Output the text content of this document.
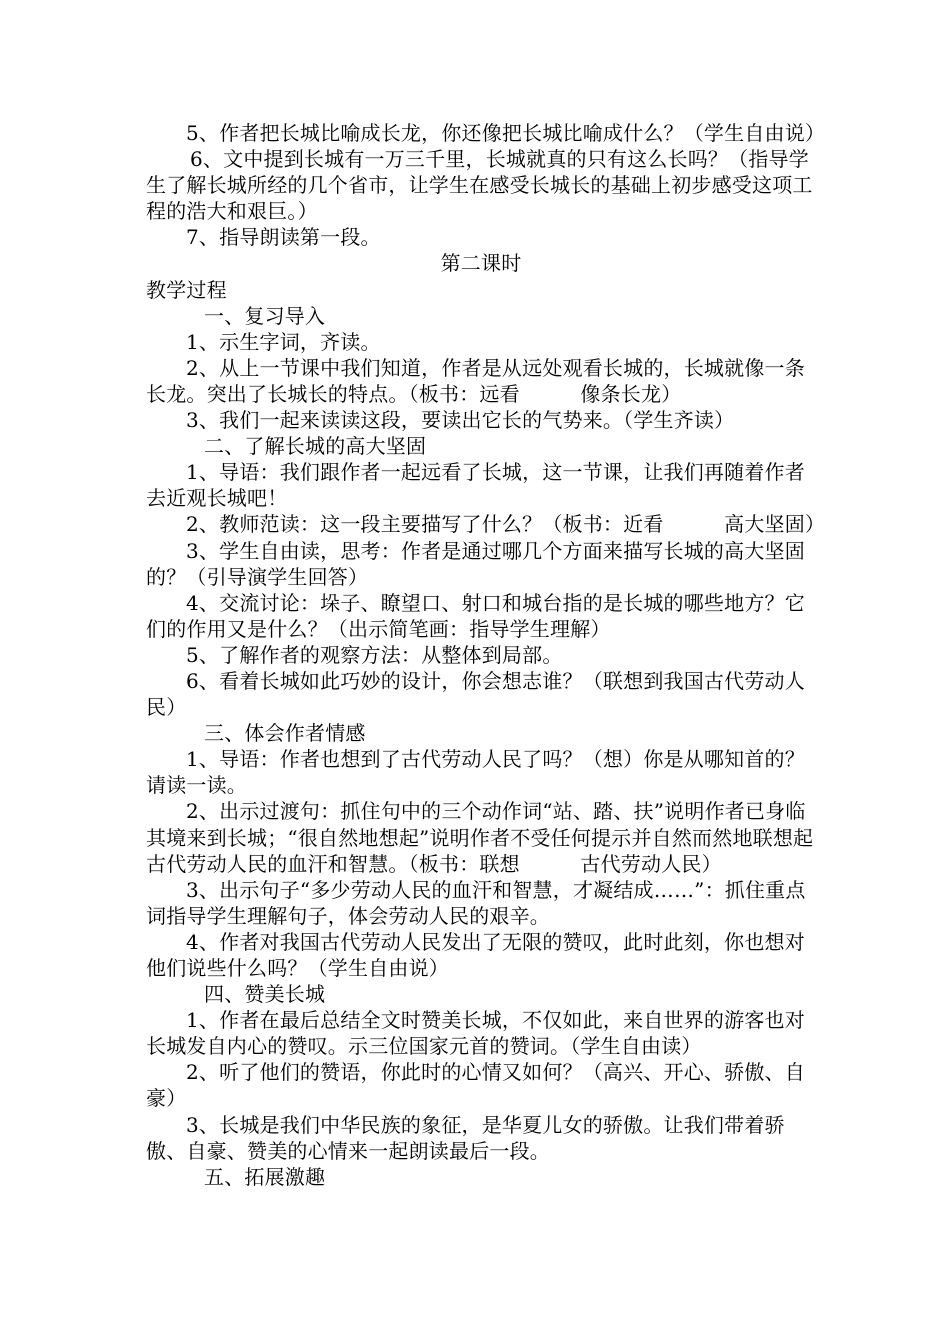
5、作者把长城比喻成长龙，你还像把长城比喻成什么？（学生自由说）

6、文中提到长城有一万三千里，长城就真的只有这么长吗？（指导学生了解长城所经的几个省市，让学生在感受长城长的基础上初步感受这项工程的浩大和艰巨。）

7、指导朗读第一段。

第二课时

教学过程

一、复习导入

1、示生字词，齐读。

2、从上一节课中我们知道，作者是从远处观看长城的，长城就像一条长龙。突出了长城长的特点。（板书：远看　　　像条长龙）

3、我们一起来读读这段，要读出它长的气势来。（学生齐读）

二、了解长城的高大坚固

1、导语：我们跟作者一起远看了长城，这一节课，让我们再随着作者去近观长城吧！

2、教师范读：这一段主要描写了什么？（板书：近看　　　高大坚固）

3、学生自由读，思考：作者是通过哪几个方面来描写长城的高大坚固的？（引导演学生回答）

4、交流讨论：垛子、瞭望口、射口和城台指的是长城的哪些地方？它们的作用又是什么？（出示简笔画：指导学生理解）

5、了解作者的观察方法：从整体到局部。

6、看着长城如此巧妙的设计，你会想志谁？（联想到我国古代劳动人民）

三、体会作者情感

1、导语：作者也想到了古代劳动人民了吗？（想）你是从哪知首的？请读一读。

2、出示过渡句：抓住句中的三个动作词“站、踏、扶”说明作者已身临其境来到长城；“很自然地想起”说明作者不受任何提示并自然而然地联想起古代劳动人民的血汗和智慧。（板书：联想　　　古代劳动人民）

3、出示句子“多少劳动人民的血汗和智慧，才凝结成……”：抓住重点词指导学生理解句子，体会劳动人民的艰辛。

4、作者对我国古代劳动人民发出了无限的赞叹，此时此刻，你也想对他们说些什么吗？（学生自由说）

四、赞美长城

1、作者在最后总结全文时赞美长城，不仅如此，来自世界的游客也对长城发自内心的赞叹。示三位国家元首的赞词。（学生自由读）

2、听了他们的赞语，你此时的心情又如何？（高兴、开心、骄傲、自豪）

3、长城是我们中华民族的象征，是华夏儿女的骄傲。让我们带着骄傲、自豪、赞美的心情来一起朗读最后一段。

五、拓展激趣
